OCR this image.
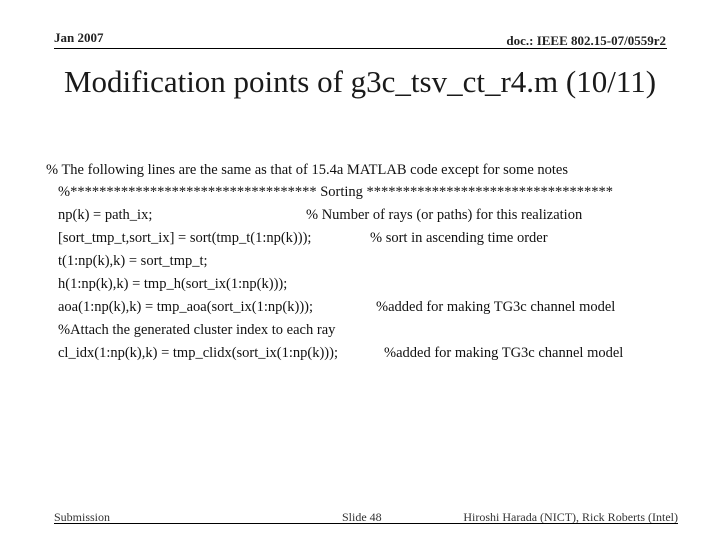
Jan 2007	doc.: IEEE 802.15-07/0559r2
Modification points of g3c_tsv_ct_r4.m (10/11)
% The following lines are the same as that of 15.4a MATLAB code except for some notes
%********************************** Sorting **********************************
np(k) = path_ix;	% Number of rays (or paths) for this realization
[sort_tmp_t,sort_ix] = sort(tmp_t(1:np(k)));	% sort in ascending time order
t(1:np(k),k) = sort_tmp_t;
h(1:np(k),k) = tmp_h(sort_ix(1:np(k)));
aoa(1:np(k),k) = tmp_aoa(sort_ix(1:np(k)));	%added for making TG3c channel model
%Attach the generated cluster index to each ray
cl_idx(1:np(k),k) = tmp_clidx(sort_ix(1:np(k)));	%added for making TG3c channel model
Submission	Slide 48	Hiroshi Harada (NICT), Rick Roberts (Intel)
